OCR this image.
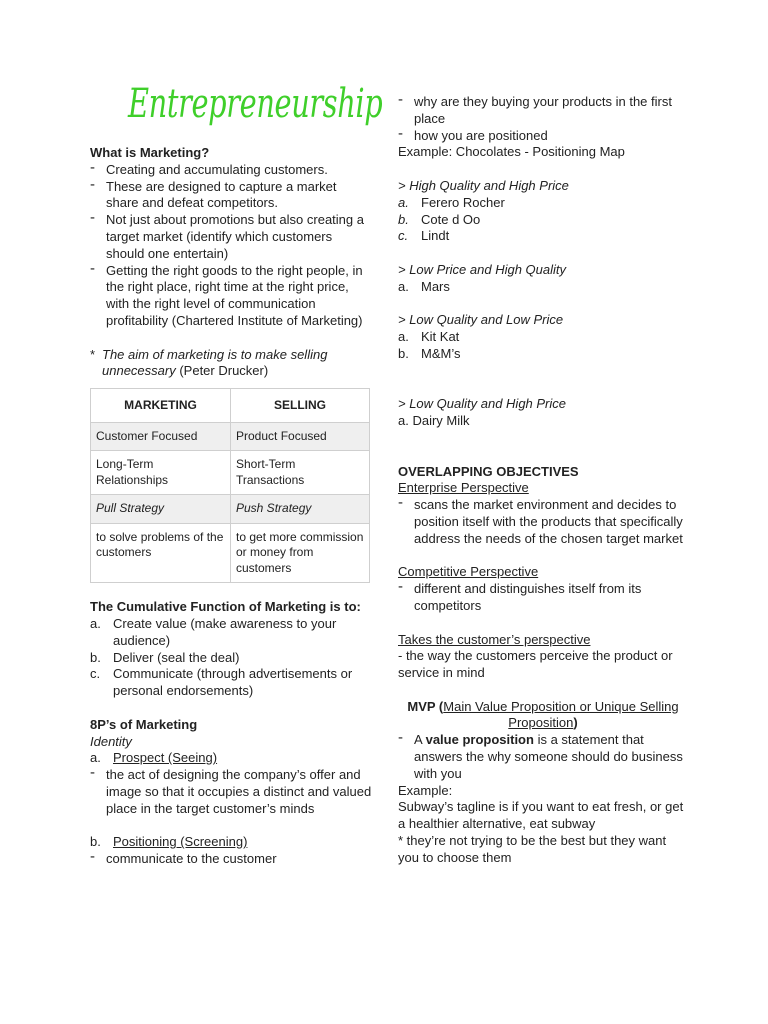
Entrepreneurship
What is Marketing?
- Creating and accumulating customers.
- These are designed to capture a market share and defeat competitors.
- Not just about promotions but also creating a target market (identify which customers should one entertain)
- Getting the right goods to the right people, in the right place, right time at the right price, with the right level of communication profitability (Chartered Institute of Marketing)
* The aim of marketing is to make selling unnecessary (Peter Drucker)
MARKETING	SELLING
Customer Focused	Product Focused
Long-Term Relationships	Short-Term Transactions
Pull Strategy	Push Strategy
to solve problems of the customers	to get more commission or money from customers
The Cumulative Function of Marketing is to:
a. Create value (make awareness to your audience)
b. Deliver (seal the deal)
c. Communicate (through advertisements or personal endorsements)
8P’s of Marketing
Identity
a. Prospect (Seeing)
- the act of designing the company’s offer and image so that it occupies a distinct and valued place in the target customer’s minds
b. Positioning (Screening)
- communicate to the customer
- why are they buying your products in the first place
- how you are positioned
Example: Chocolates - Positioning Map
> High Quality and High Price
a. Ferero Rocher
b. Cote d Oo
c. Lindt
> Low Price and High Quality
a. Mars
> Low Quality and Low Price
a. Kit Kat
b. M&M’s
> Low Quality and High Price
a. Dairy Milk
OVERLAPPING OBJECTIVES
Enterprise Perspective
- scans the market environment and decides to position itself with the products that specifically address the needs of the chosen target market
Competitive Perspective
- different and distinguishes itself from its competitors
Takes the customer’s perspective
- the way the customers perceive the product or service in mind
MVP (Main Value Proposition or Unique Selling Proposition)
- A value proposition is a statement that answers the why someone should do business with you
Example:
Subway’s tagline is if you want to eat fresh, or get a healthier alternative, eat subway
* they’re not trying to be the best but they want you to choose them
